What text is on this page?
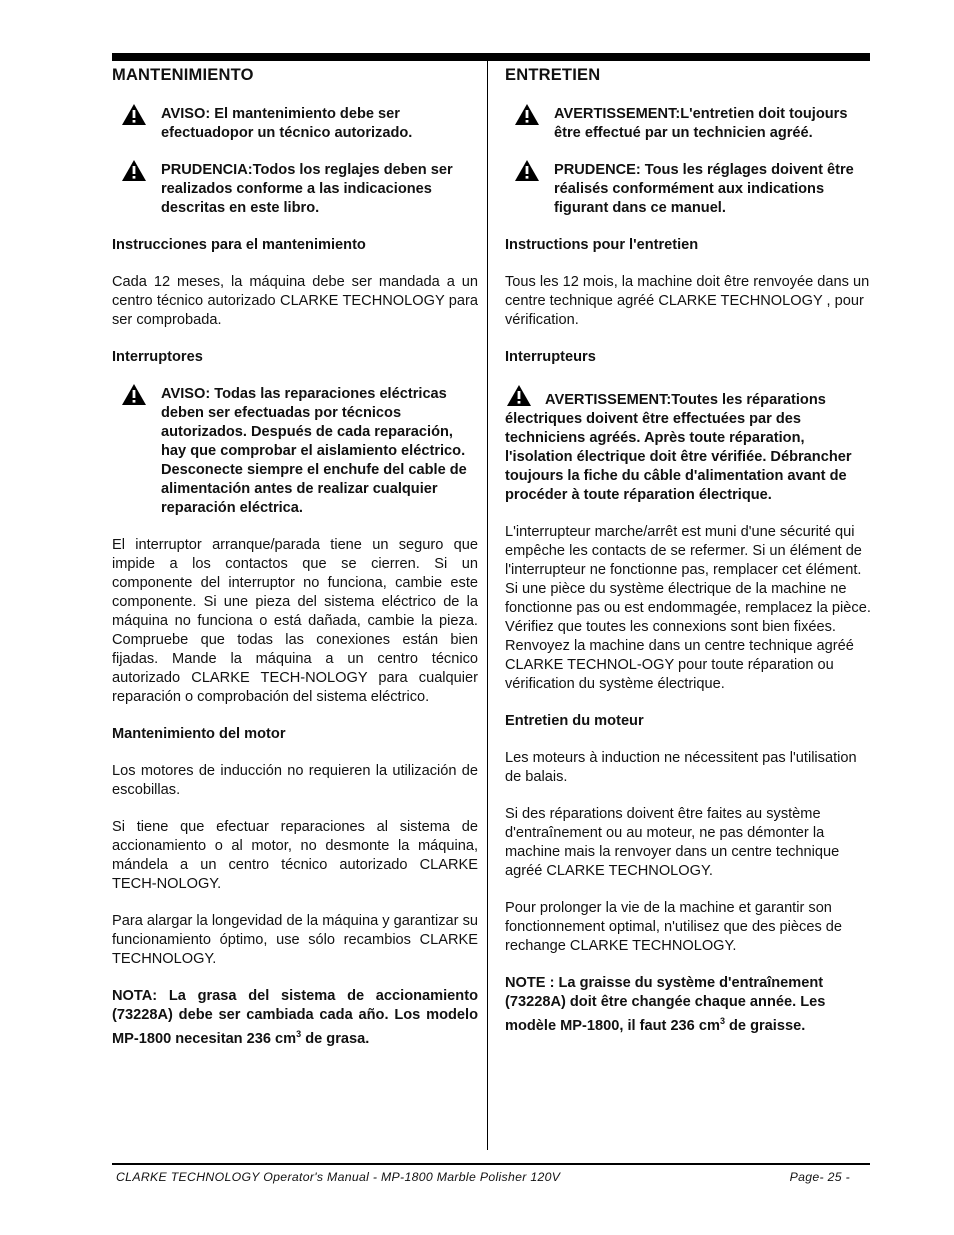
MANTENIMIENTO
AVISO: El mantenimiento debe ser efectuadopor un técnico autorizado.
PRUDENCIA:Todos los reglajes deben ser realizados conforme a las indicaciones descritas en este libro.
Instrucciones para el mantenimiento

Cada 12 meses, la máquina debe ser mandada a un centro técnico autorizado CLARKE TECHNOLOGY para ser comprobada.

Interruptores
AVISO: Todas las reparaciones eléctricas deben ser efectuadas por técnicos autorizados. Después de cada reparación, hay que comprobar el aislamiento eléctrico. Desconecte siempre el enchufe del cable de alimentación antes de realizar cualquier reparación eléctrica.

El interruptor arranque/parada tiene un seguro que impide a los contactos que se cierren. Si un componente del interruptor no funciona, cambie este componente. Si une pieza del sistema eléctrico de la máquina no funciona o está dañada, cambie la pieza. Compruebe que todas las conexiones están bien fijadas. Mande la máquina a un centro técnico autorizado CLARKE TECH-NOLOGY para cualquier reparación o comprobación del sistema eléctrico.

Mantenimiento del motor

Los motores de inducción no requieren la utilización de escobillas.

Si tiene que efectuar reparaciones al sistema de accionamiento o al motor, no desmonte la máquina, mándela a un centro técnico autorizado CLARKE TECH-NOLOGY.

Para alargar la longevidad de la máquina y garantizar su funcionamiento óptimo, use sólo recambios CLARKE TECHNOLOGY.

NOTA: La grasa del sistema de accionamiento (73228A) debe ser cambiada cada año. Los modelo MP-1800 necesitan 236 $cm^3$ de grasa.

ENTRETIEN
AVERTISSEMENT:L'entretien doit toujours être effectué par un technicien agréé.
PRUDENCE: Tous les réglages doivent être réalisés conformément aux indications figurant dans ce manuel.
Instructions pour l'entretien

Tous les 12 mois, la machine doit être renvoyée dans un centre technique agréé CLARKE TECHNOLOGY , pour vérification.

Interrupteurs
AVERTISSEMENT:Toutes les réparations électriques doivent être effectuées par des techniciens agréés. Après toute réparation, l'isolation électrique doit être vérifiée. Débrancher toujours la fiche du câble d'alimentation avant de procéder à toute réparation électrique.

L'interrupteur marche/arrêt est muni d'une sécurité qui empêche les contacts de se refermer. Si un élément de l'interrupteur ne fonctionne pas, remplacer cet élément. Si une pièce du système électrique de la machine ne fonctionne pas ou est endommagée, remplacez la pièce. Vérifiez que toutes les connexions sont bien fixées. Renvoyez la machine dans un centre technique agréé CLARKE TECHNOL-OGY pour toute réparation ou vérification du système électrique.

Entretien du moteur

Les moteurs à induction ne nécessitent pas l'utilisation de balais.

Si des réparations doivent être faites au système d'entraînement ou au moteur, ne pas démonter la machine mais la renvoyer dans un centre technique agréé CLARKE TECHNOLOGY.

Pour prolonger la vie de la machine et garantir son fonctionnement optimal, n'utilisez que des pièces de rechange CLARKE TECHNOLOGY.

NOTE : La graisse du système d'entraînement (73228A) doit être changée chaque année. Les modèle MP-1800, il faut 236 $cm^3$ de graisse.

CLARKE TECHNOLOGY Operator's Manual - MP-1800 Marble Polisher 120V	Page- 25 -
